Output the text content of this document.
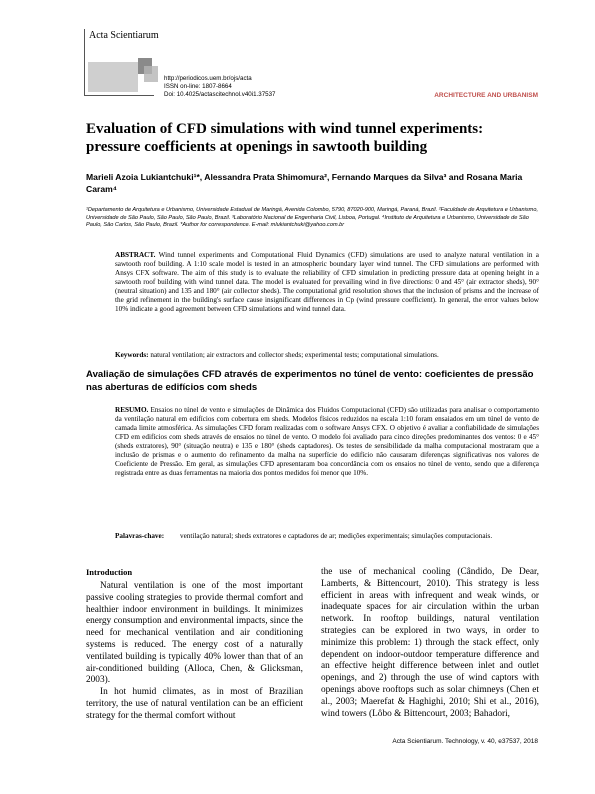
Acta Scientiarum
http://periodicos.uem.br/ojs/acta
ISSN on-line: 1807-8664
Doi: 10.4025/actascitechnol.v40i1.37537	ARCHITECTURE AND URBANISM
Evaluation of CFD simulations with wind tunnel experiments: pressure coefficients at openings in sawtooth building
Marieli Azoia Lukiantchuki¹*, Alessandra Prata Shimomura², Fernando Marques da Silva³ and Rosana Maria Caram⁴
¹Departamento de Arquitetura e Urbanismo, Universidade Estadual de Maringá, Avenida Colombo, 5790, 87020-900, Maringá, Paraná, Brazil. ²Faculdade de Arquitetura e Urbanismo, Universidade de São Paulo, São Paulo, São Paulo, Brazil. ³Laboratório Nacional de Engenharia Civil, Lisboa, Portugal. ⁴Instituto de Arquitetura e Urbanismo, Universidade de São Paulo, São Carlos, São Paulo, Brazil. *Author for correspondence. E-mail: mlukiantchuki@yahoo.com.br
ABSTRACT. Wind tunnel experiments and Computational Fluid Dynamics (CFD) simulations are used to analyze natural ventilation in a sawtooth roof building. A 1:10 scale model is tested in an atmospheric boundary layer wind tunnel. The CFD simulations are performed with Ansys CFX software. The aim of this study is to evaluate the reliability of CFD simulation in predicting pressure data at opening height in a sawtooth roof building with wind tunnel data. The model is evaluated for prevailing wind in five directions: 0 and 45° (air extractor sheds), 90° (neutral situation) and 135 and 180° (air collector sheds). The computational grid resolution shows that the inclusion of prisms and the increase of the grid refinement in the building's surface cause insignificant differences in Cp (wind pressure coefficient). In general, the error values below 10% indicate a good agreement between CFD simulations and wind tunnel data.
Keywords: natural ventilation; air extractors and collector sheds; experimental tests; computational simulations.
Avaliação de simulações CFD através de experimentos no túnel de vento: coeficientes de pressão nas aberturas de edifícios com sheds
RESUMO. Ensaios no túnel de vento e simulações de Dinâmica dos Fluidos Computacional (CFD) são utilizadas para analisar o comportamento da ventilação natural em edifícios com cobertura em sheds. Modelos físicos reduzidos na escala 1:10 foram ensaiados em um túnel de vento de camada limite atmosférica. As simulações CFD foram realizadas com o software Ansys CFX. O objetivo é avaliar a confiabilidade de simulações CFD em edifícios com sheds através de ensaios no túnel de vento. O modelo foi avaliado para cinco direções predominantes dos ventos: 0 e 45° (sheds extratores), 90° (situação neutra) e 135 e 180° (sheds captadores). Os testes de sensibilidade da malha computacional mostraram que a inclusão de prismas e o aumento do refinamento da malha na superfície do edifício não causaram diferenças significativas nos valores de Coeficiente de Pressão. Em geral, as simulações CFD apresentaram boa concordância com os ensaios no túnel de vento, sendo que a diferença registrada entre as duas ferramentas na maioria dos pontos medidos foi menor que 10%.
Palavras-chave: ventilação natural; sheds extratores e captadores de ar; medições experimentais; simulações computacionais.
Introduction

Natural ventilation is one of the most important passive cooling strategies to provide thermal comfort and healthier indoor environment in buildings. It minimizes energy consumption and environmental impacts, since the need for mechanical ventilation and air conditioning systems is reduced. The energy cost of a naturally ventilated building is typically 40% lower than that of an air-conditioned building (Alloca, Chen, & Glicksman, 2003).

In hot humid climates, as in most of Brazilian territory, the use of natural ventilation can be an efficient strategy for the thermal comfort without

the use of mechanical cooling (Cândido, De Dear, Lamberts, & Bittencourt, 2010). This strategy is less efficient in areas with infrequent and weak winds, or inadequate spaces for air circulation within the urban network. In rooftop buildings, natural ventilation strategies can be explored in two ways, in order to minimize this problem: 1) through the stack effect, only dependent on indoor-outdoor temperature difference and an effective height difference between inlet and outlet openings, and 2) through the use of wind captors with openings above rooftops such as solar chimneys (Chen et al., 2003; Maerefat & Haghighi, 2010; Shi et al., 2016), wind towers (Lôbo & Bittencourt, 2003; Bahadori,

Acta Scientiarum. Technology, v. 40, e37537, 2018
